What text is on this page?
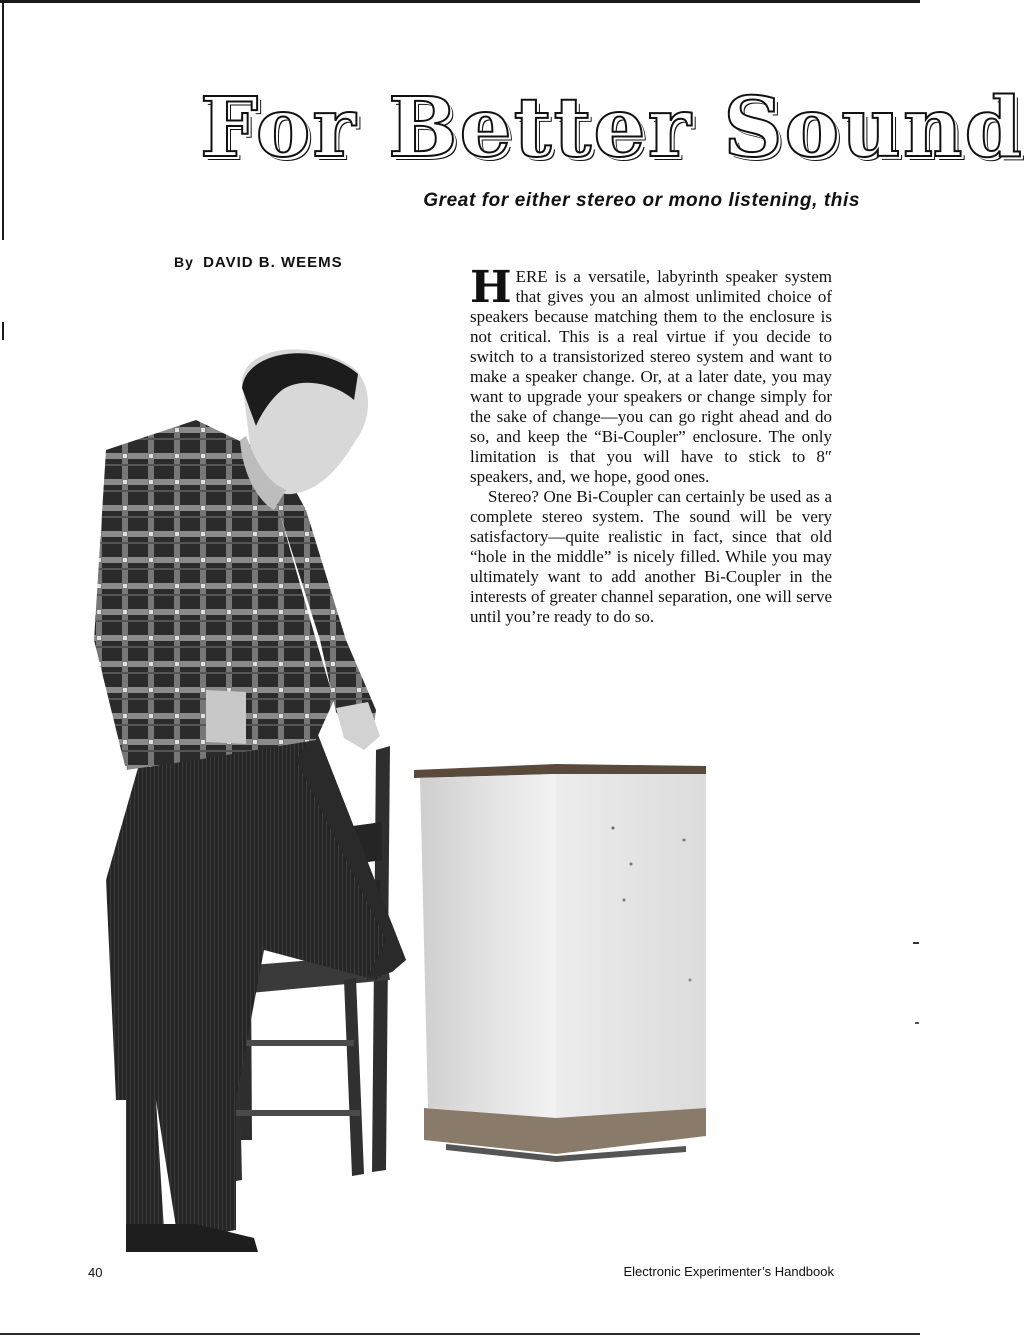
For Better Sound

Great for either stereo or mono listening, this

By DAVID B. WEEMS	HERE is a versatile, labyrinth speaker system that gives you an almost unlimited choice of speakers because matching them to the enclosure is not critical. This is a real virtue if you decide to switch to a transistorized stereo system and want to make a speaker change. Or, at a later date, you may want to upgrade your speakers or change simply for the sake of change—you can go right ahead and do so, and keep the “Bi-Coupler” enclosure. The only limitation is that you will have to stick to 8″ speakers, and, we hope, good ones.

Stereo? One Bi-Coupler can certainly be used as a complete stereo system. The sound will be very satisfactory—quite realistic in fact, since that old “hole in the middle” is nicely filled. While you may ultimately want to add another Bi-Coupler in the interests of greater channel separation, one will serve until you’re ready to do so.

40	Electronic Experimenter’s Handbook
